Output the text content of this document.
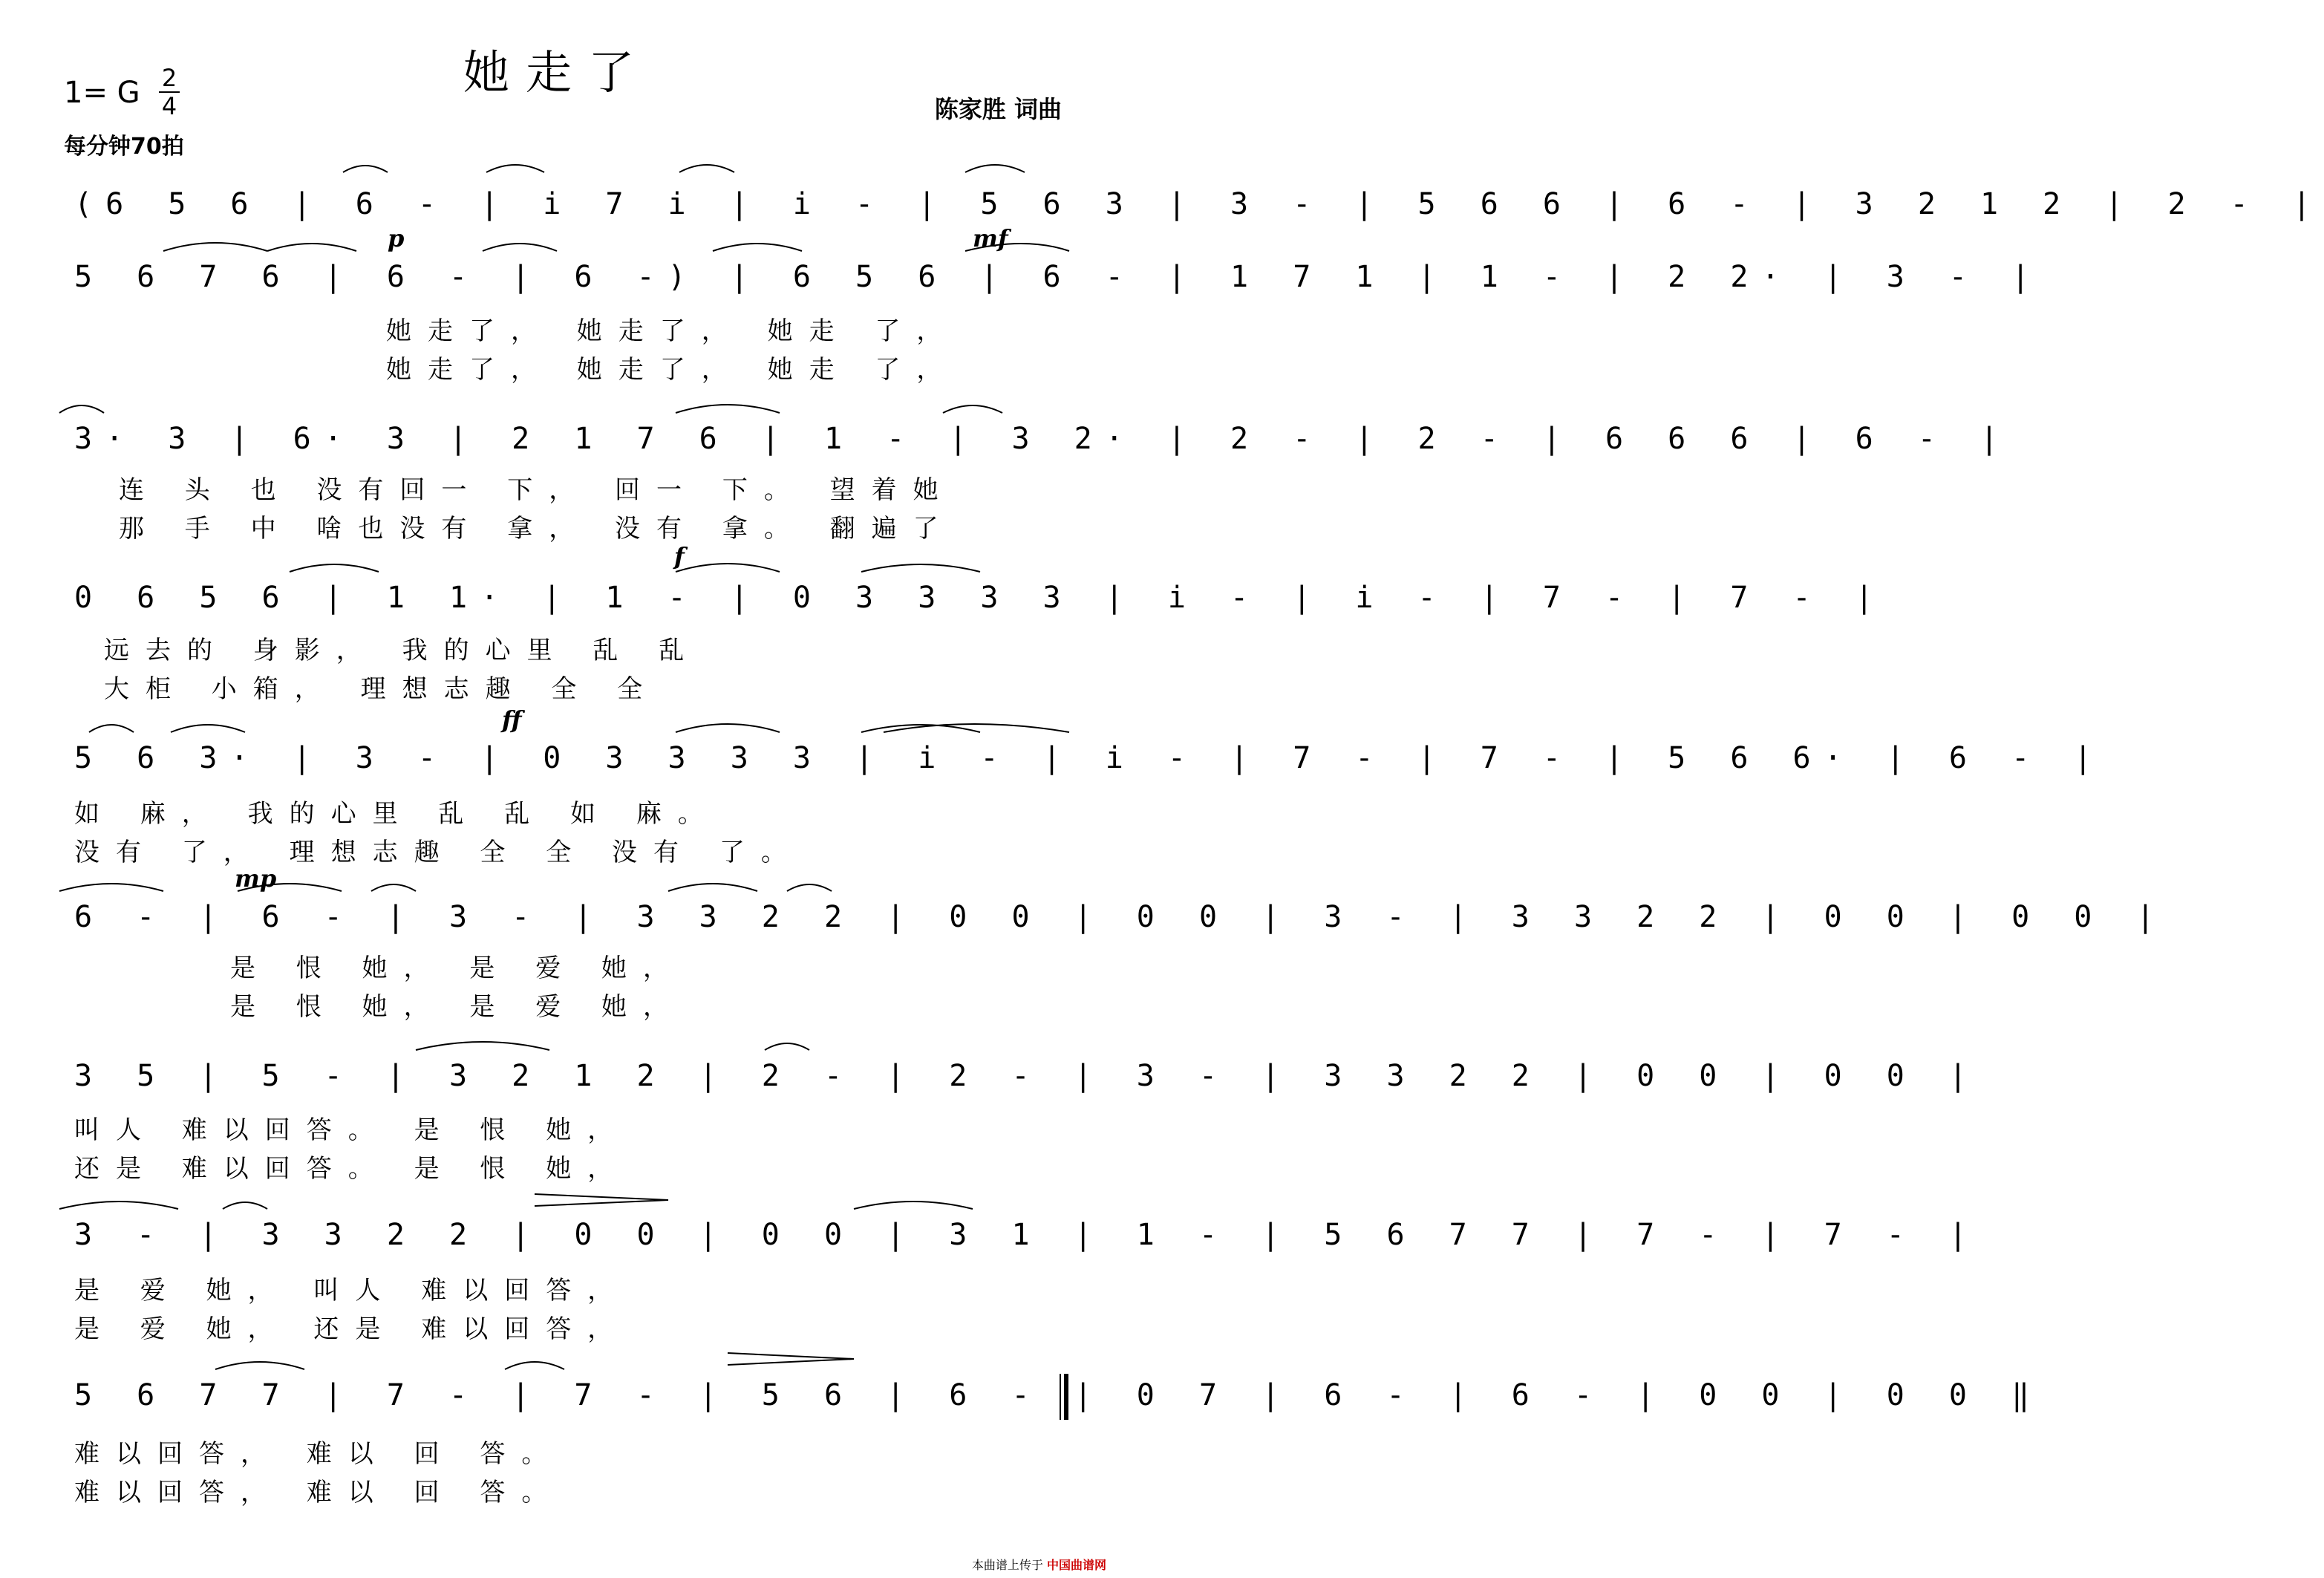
她走了
1= G 2
4
每分钟70拍
陈家胜 词曲
(6 5 6 | 6 - | i 7 i | i - | 5 6 3 | 3 - | 5 6 6 | 6 - | 3 2 1 2 | 2 - |
p	mf
5 6 7 6 | 6 - | 6 -) | 6 5 6 | 6 - | 1 7 1 | 1 - | 2 2· | 3 - |
她走了， 她走了， 她走 了，
她走了， 她走了， 她走 了，
3· 3 | 6· 3 | 2 1 7 6 | 1 - | 3 2· | 2 - | 2 - | 6 6 6 | 6 - |
连 头 也 没有回一 下， 回一 下。 望着她
那 手 中 啥也没有 拿， 没有 拿。 翻遍了
f
0 6 5 6 | 1 1· | 1 - | 0 3 3 3 3 | i - | i - | 7 - | 7 - |
远去的 身影， 我的心里 乱 乱
大柜 小箱， 理想志趣 全 全
ff
5 6 3· | 3 - | 0 3 3 3 3 | i - | i - | 7 - | 7 - | 5 6 6· | 6 - |
如 麻， 我的心里 乱 乱 如 麻。
没有 了， 理想志趣 全 全 没有 了。
mp
6 - | 6 - | 3 - | 3 3 2 2 | 0 0 | 0 0 | 3 - | 3 3 2 2 | 0 0 | 0 0 |
是 恨 她， 是 爱 她，
是 恨 她， 是 爱 她，
3 5 | 5 - | 3 2 1 2 | 2 - | 2 - | 3 - | 3 3 2 2 | 0 0 | 0 0 |
叫人 难以回答。 是 恨 她，
还是 难以回答。 是 恨 她，
3 - | 3 3 2 2 | 0 0 | 0 0 | 3 1 | 1 - | 5 6 7 7 | 7 - | 7 - |
是 爱 她， 叫人 难以回答，
是 爱 她， 还是 难以回答，
5 6 7 7 | 7 - | 7 - | 5 6 | 6 - | 0 7 | 6 - | 6 - | 0 0 | 0 0 ‖
难以回答， 难以 回 答。
难以回答， 难以 回 答。
本曲谱上传于 中国曲谱网
